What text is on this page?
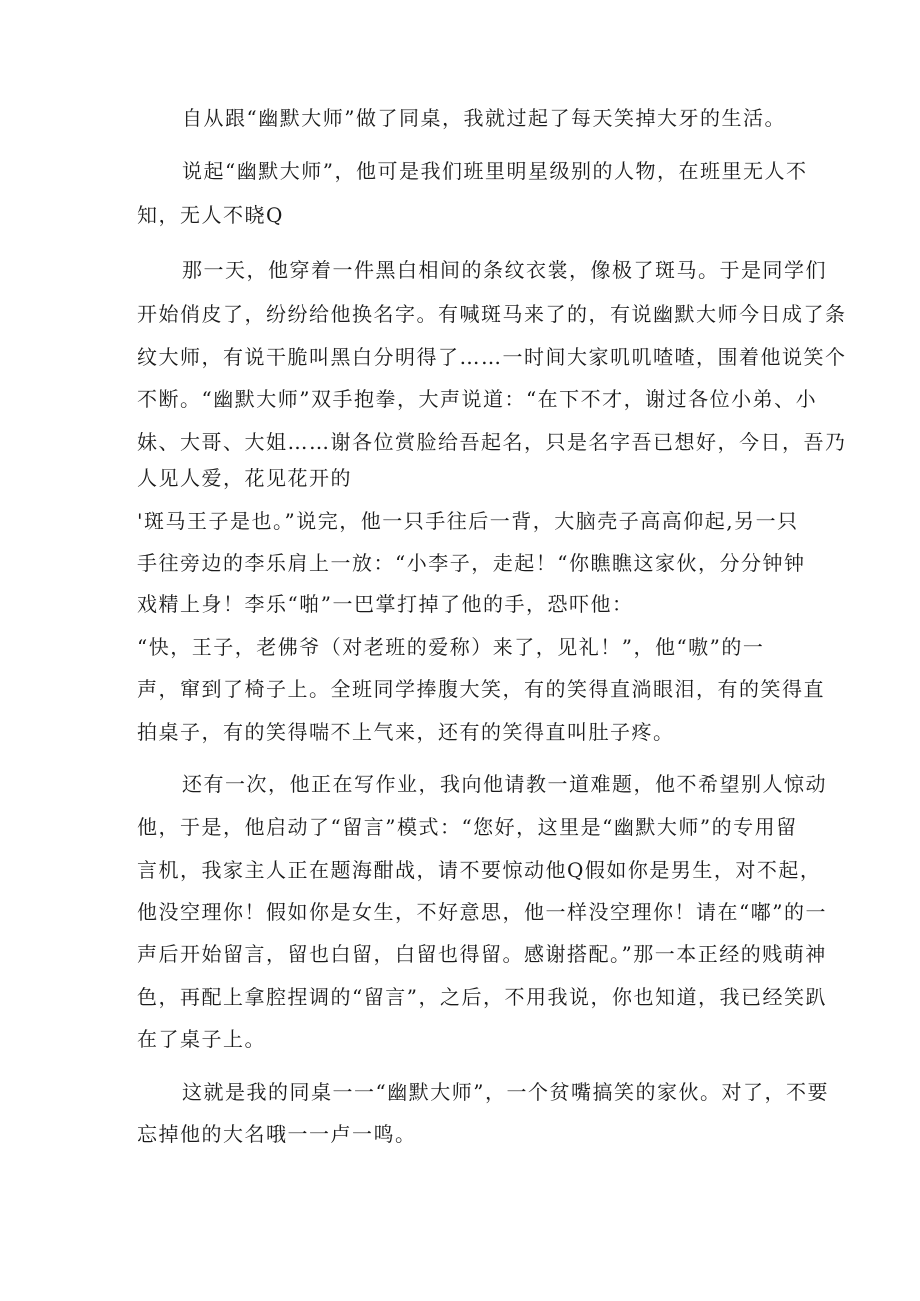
自从跟“幽默大师”做了同桌，我就过起了每天笑掉大牙的生活。
说起“幽默大师”，他可是我们班里明星级别的人物，在班里无人不
知，无人不晓Q
那一天，他穿着一件黑白相间的条纹衣裳，像极了斑马。于是同学们
开始俏皮了，纷纷给他换名字。有喊斑马来了的，有说幽默大师今日成了条
纹大师，有说干脆叫黑白分明得了……一时间大家叽叽喳喳，围着他说笑个
不断。“幽默大师”双手抱拳，大声说道：“在下不才，谢过各位小弟、小
妹、大哥、大姐……谢各位赏脸给吾起名，只是名字吾已想好，今日，吾乃
人见人爱，花见花开的
'斑马王子是也。”说完，他一只手往后一背，大脑壳子高高仰起,另一只
手往旁边的李乐肩上一放：“小李子，走起！“你瞧瞧这家伙，分分钟钟
戏精上身！李乐“啪”一巴掌打掉了他的手，恐吓他：
“快，王子，老佛爷（对老班的爱称）来了，见礼！”，他“嗷”的一
声，窜到了椅子上。全班同学捧腹大笑，有的笑得直淌眼泪，有的笑得直
拍桌子，有的笑得喘不上气来，还有的笑得直叫肚子疼。
还有一次，他正在写作业，我向他请教一道难题，他不希望别人惊动
他，于是，他启动了“留言”模式：“您好，这里是“幽默大师”的专用留
言机，我家主人正在题海酣战，请不要惊动他Q假如你是男生，对不起，
他没空理你！假如你是女生，不好意思，他一样没空理你！请在“嘟”的一
声后开始留言，留也白留，白留也得留。感谢搭配。”那一本正经的贱萌神
色，再配上拿腔捏调的“留言”，之后，不用我说，你也知道，我已经笑趴
在了桌子上。
这就是我的同桌一一“幽默大师”，一个贫嘴搞笑的家伙。对了，不要
忘掉他的大名哦一一卢一鸣。
